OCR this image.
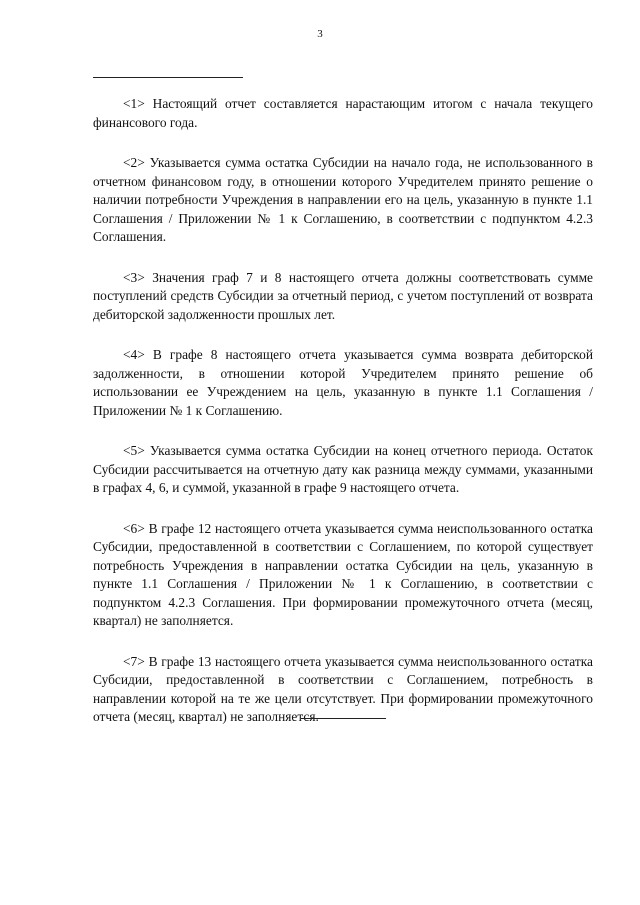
3

<1> Настоящий отчет составляется нарастающим итогом с начала текущего финансового года.

<2> Указывается сумма остатка Субсидии на начало года, не использованного в отчетном финансовом году, в отношении которого Учредителем принято решение о наличии потребности Учреждения в направлении его на цель, указанную в пункте 1.1 Соглашения / Приложении № 1 к Соглашению, в соответствии с подпунктом 4.2.3 Соглашения.

<3> Значения граф 7 и 8 настоящего отчета должны соответствовать сумме поступлений средств Субсидии за отчетный период, с учетом поступлений от возврата дебиторской задолженности прошлых лет.

<4> В графе 8 настоящего отчета указывается сумма возврата дебиторской задолженности, в отношении которой Учредителем принято решение об использовании ее Учреждением на цель, указанную в пункте 1.1 Соглашения / Приложении № 1 к Соглашению.

<5> Указывается сумма остатка Субсидии на конец отчетного периода. Остаток Субсидии рассчитывается на отчетную дату как разница между суммами, указанными в графах 4, 6, и суммой, указанной в графе 9 настоящего отчета.

<6> В графе 12 настоящего отчета указывается сумма неиспользованного остатка Субсидии, предоставленной в соответствии с Соглашением, по которой существует потребность Учреждения в направлении остатка Субсидии на цель, указанную в пункте 1.1 Соглашения / Приложении № 1 к Соглашению, в соответствии с подпунктом 4.2.3 Соглашения. При формировании промежуточного отчета (месяц, квартал) не заполняется.

<7> В графе 13 настоящего отчета указывается сумма неиспользованного остатка Субсидии, предоставленной в соответствии с Соглашением, потребность в направлении которой на те же цели отсутствует. При формировании промежуточного отчета (месяц, квартал) не заполняется.
